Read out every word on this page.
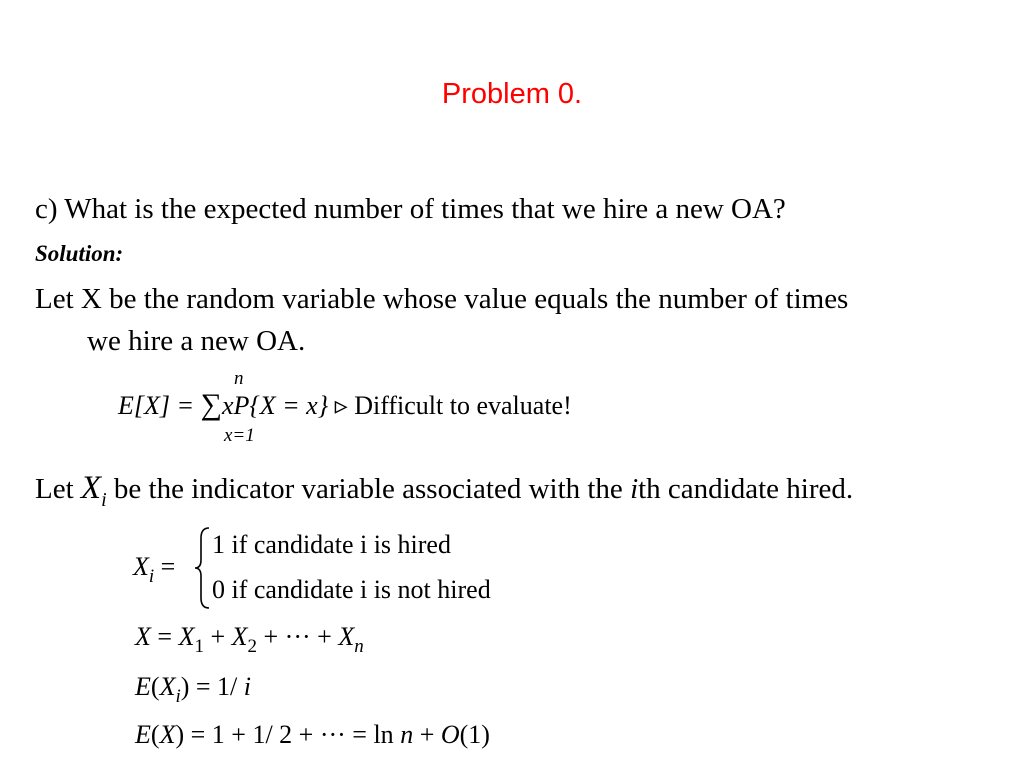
Problem 0.
c) What is the expected number of times that we hire a new OA?
Solution:
Let X be the random variable whose value equals the number of times
we hire a new OA.
n
x=1
E[X] = ∑xP{X = x} ▹ Difficult to evaluate!
Let $X_i$ be the indicator variable associated with the ith candidate hired.
$X_i$ =
1 if candidate i is hired
0 if candidate i is not hired
$X = X_1 + X_2$ + ··· + $X_n$
$E(X_i) = 1/$ i
E(X) = 1 + 1/ 2 + ··· = ln n + O(1)
